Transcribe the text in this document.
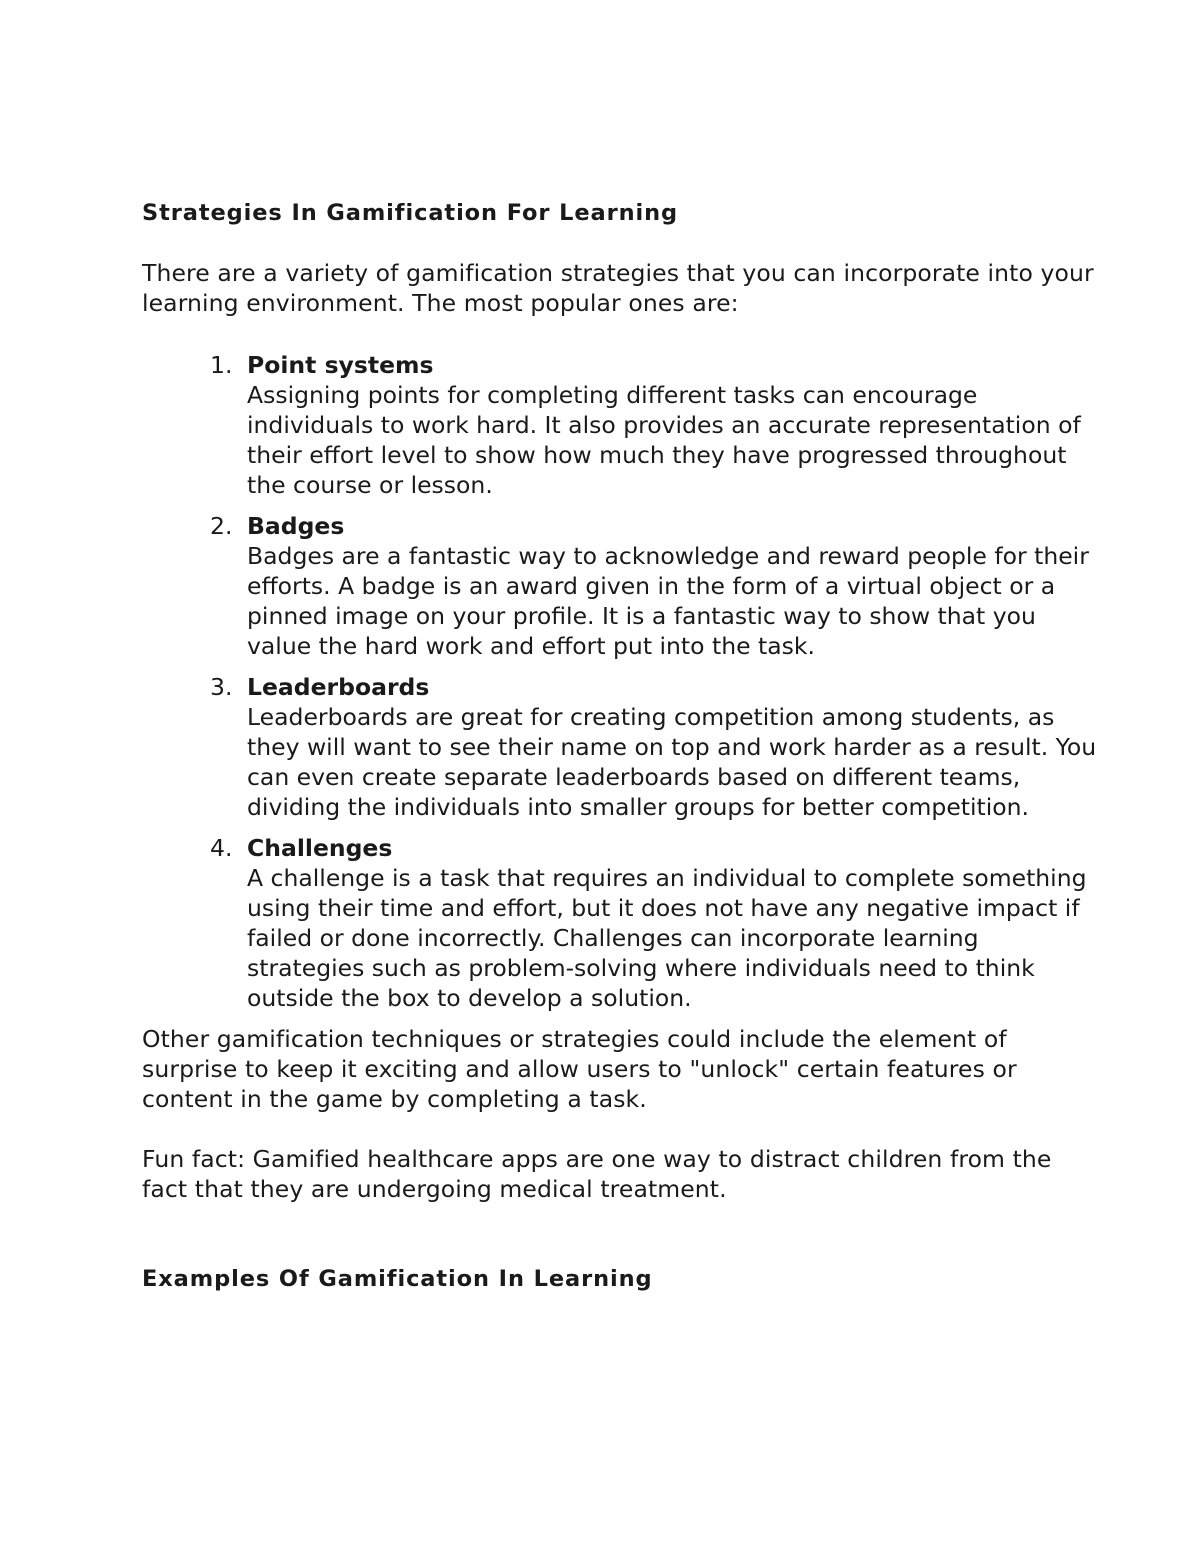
Strategies In Gamification For Learning

There are a variety of gamification strategies that you can incorporate into your learning environment. The most popular ones are:

1. Point systems
Assigning points for completing different tasks can encourage individuals to work hard. It also provides an accurate representation of their effort level to show how much they have progressed throughout the course or lesson.
2. Badges
Badges are a fantastic way to acknowledge and reward people for their efforts. A badge is an award given in the form of a virtual object or a pinned image on your profile. It is a fantastic way to show that you value the hard work and effort put into the task.
3. Leaderboards
Leaderboards are great for creating competition among students, as they will want to see their name on top and work harder as a result. You can even create separate leaderboards based on different teams, dividing the individuals into smaller groups for better competition.
4. Challenges
A challenge is a task that requires an individual to complete something using their time and effort, but it does not have any negative impact if failed or done incorrectly. Challenges can incorporate learning strategies such as problem-solving where individuals need to think outside the box to develop a solution.

Other gamification techniques or strategies could include the element of surprise to keep it exciting and allow users to "unlock" certain features or content in the game by completing a task.

Fun fact: Gamified healthcare apps are one way to distract children from the fact that they are undergoing medical treatment.

Examples Of Gamification In Learning
